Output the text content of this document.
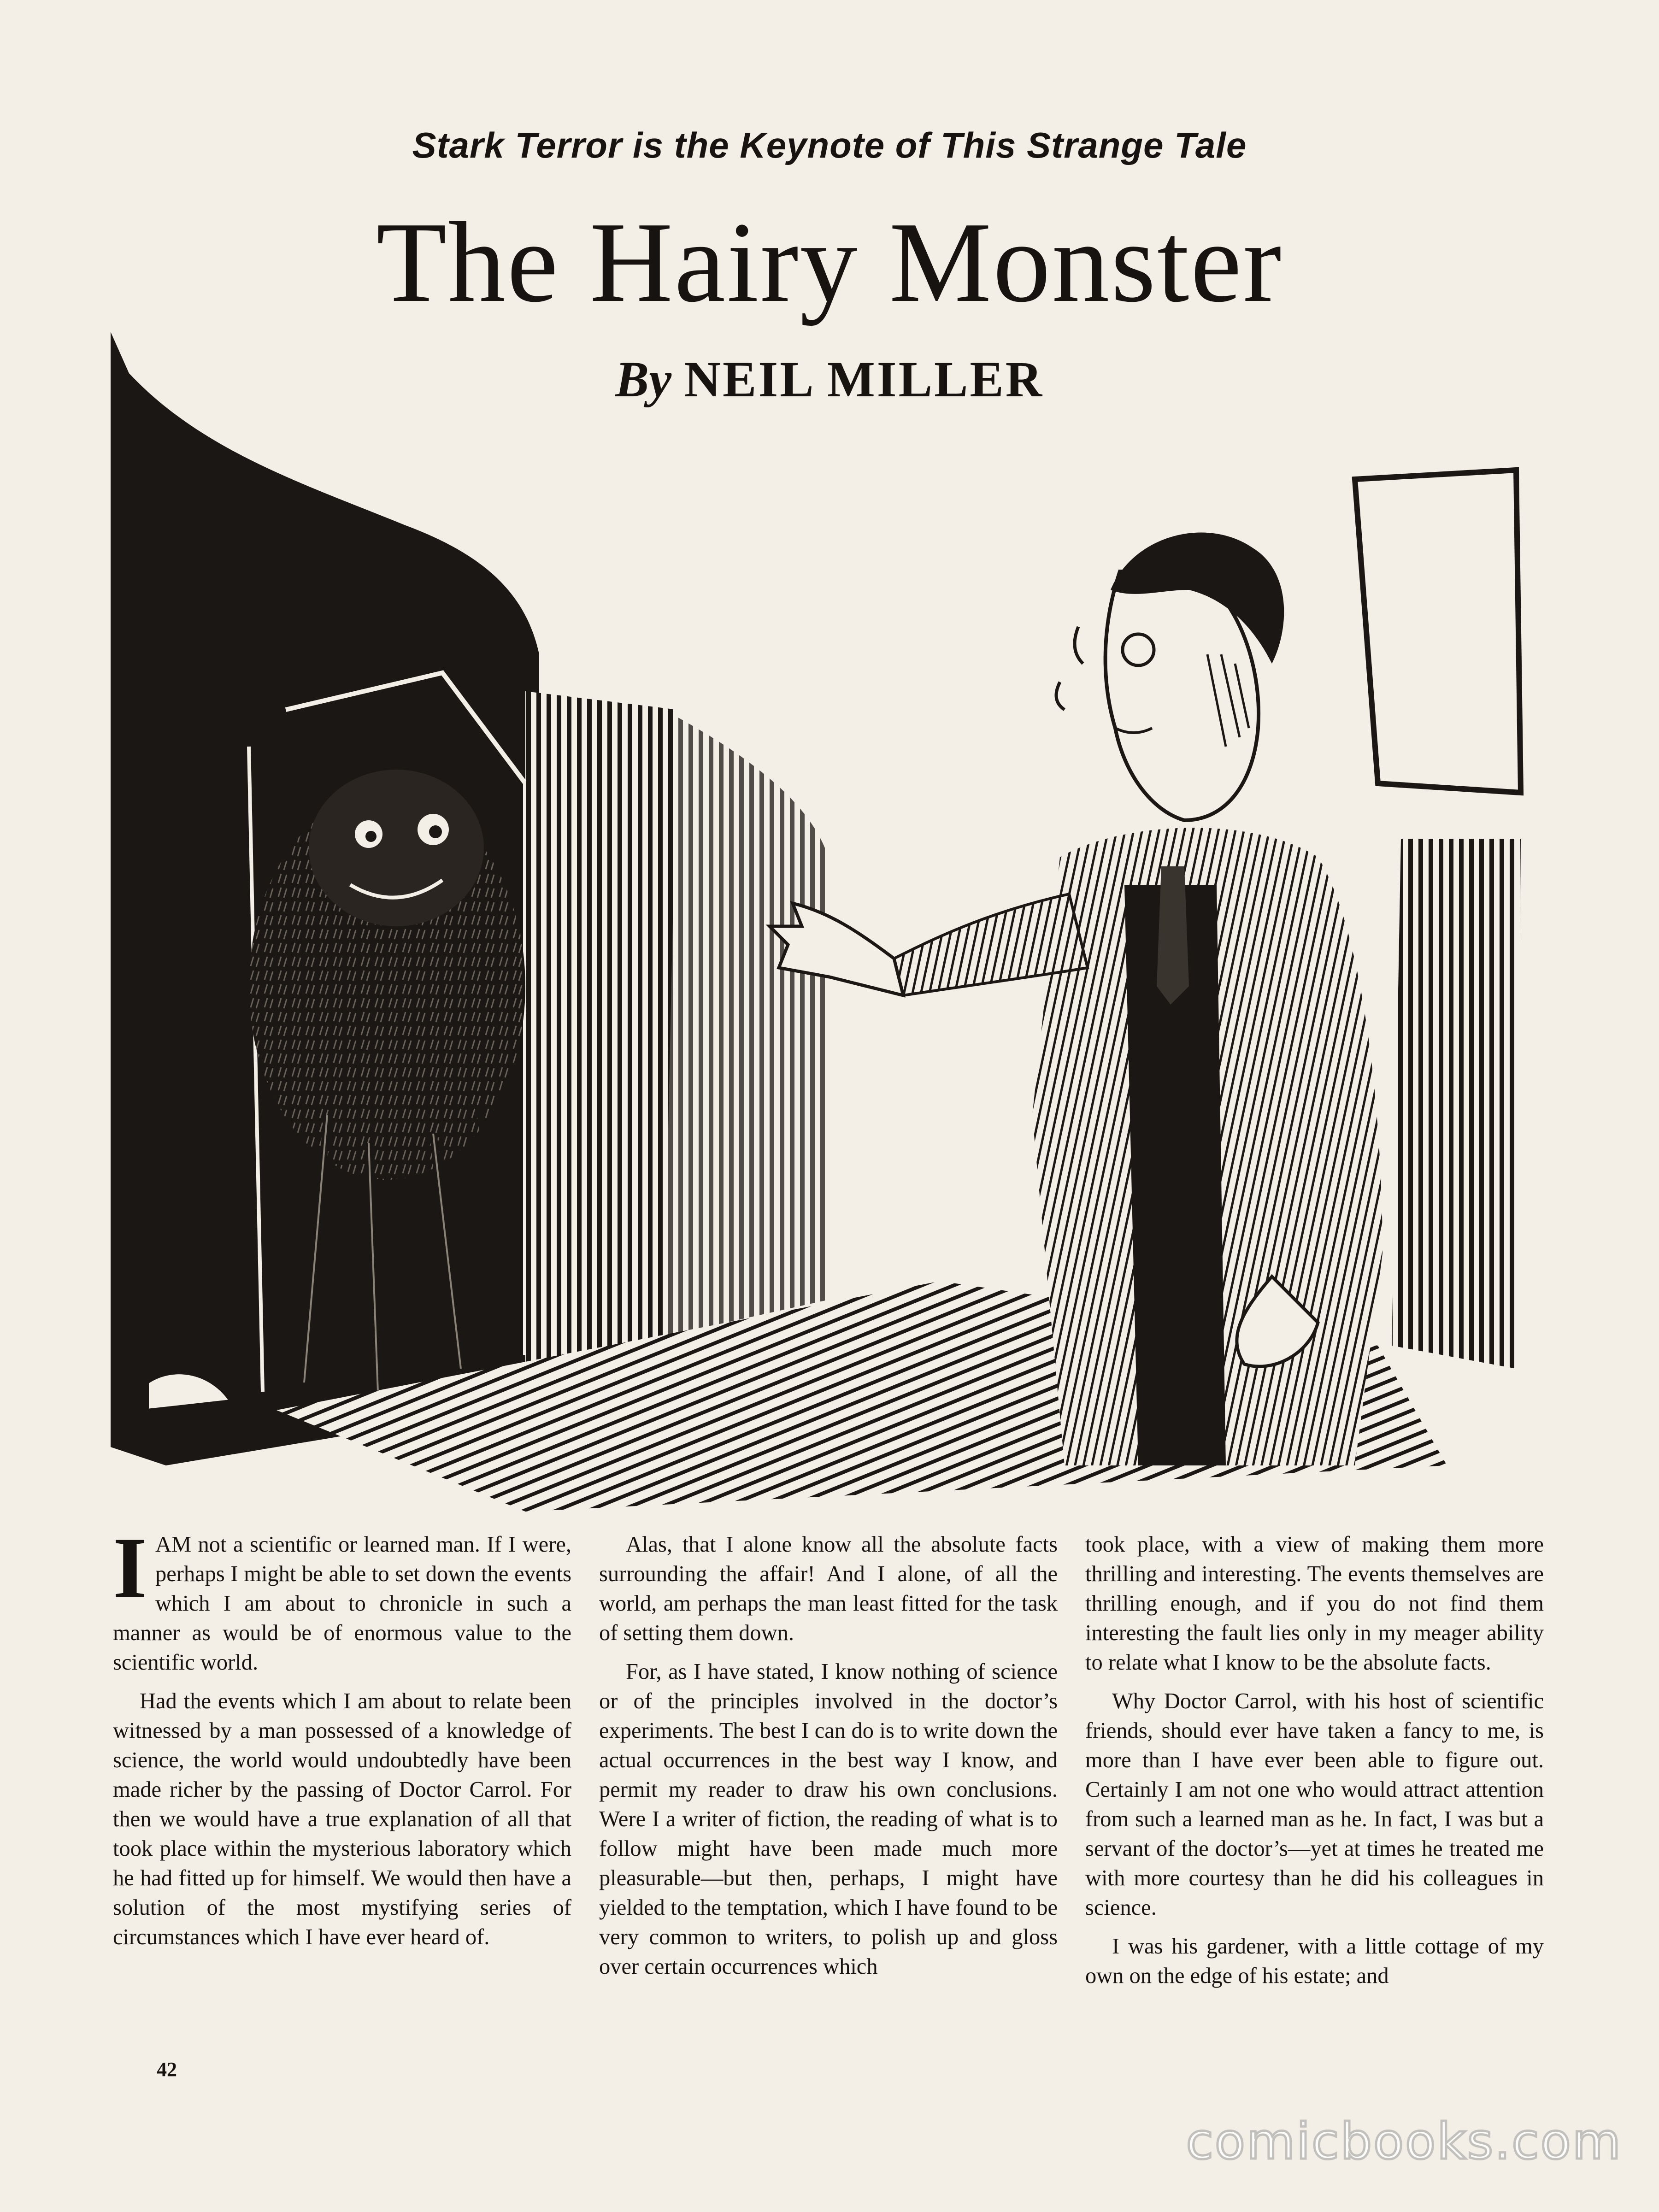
Stark Terror is the Keynote of This Strange Tale
The Hairy Monster
By NEIL MILLER

I AM not a scientific or learned man. If I were, perhaps I might be able to set down the events which I am about to chronicle in such a manner as would be of enormous value to the scientific world.

Had the events which I am about to relate been witnessed by a man possessed of a knowledge of science, the world would undoubtedly have been made richer by the passing of Doctor Carrol. For then we would have a true explanation of all that took place within the mysterious laboratory which he had fitted up for himself. We would then have a solution of the most mystifying series of circumstances which I have ever heard of.

Alas, that I alone know all the absolute facts surrounding the affair! And I alone, of all the world, am perhaps the man least fitted for the task of setting them down.

For, as I have stated, I know nothing of science or of the principles involved in the doctor’s experiments. The best I can do is to write down the actual occurrences in the best way I know, and permit my reader to draw his own conclusions. Were I a writer of fiction, the reading of what is to follow might have been made much more pleasurable—but then, perhaps, I might have yielded to the temptation, which I have found to be very common to writers, to polish up and gloss over certain occurrences which

took place, with a view of making them more thrilling and interesting. The events themselves are thrilling enough, and if you do not find them interesting the fault lies only in my meager ability to relate what I know to be the absolute facts.

Why Doctor Carrol, with his host of scientific friends, should ever have taken a fancy to me, is more than I have ever been able to figure out. Certainly I am not one who would attract attention from such a learned man as he. In fact, I was but a servant of the doctor’s—yet at times he treated me with more courtesy than he did his colleagues in science.

I was his gardener, with a little cottage of my own on the edge of his estate; and

42
comicbooks.com
